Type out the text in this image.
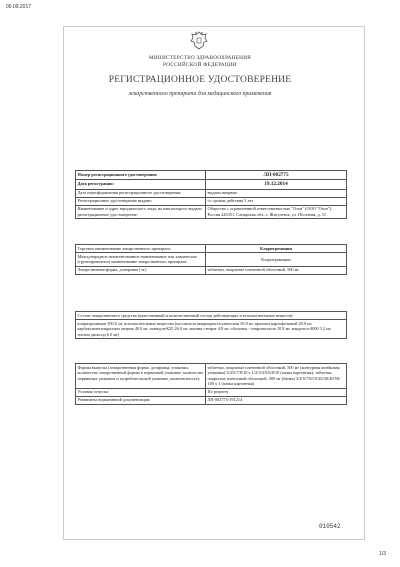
06.09.2017
МИНИСТЕРСТВО ЗДРАВООХРАНЕНИЯ
РОССИЙСКОЙ ФЕДЕРАЦИИ
РЕГИСТРАЦИОННОЕ УДОСТОВЕРЕНИЕ
лекарственного препарата для медицинского применения
Номер регистрационного удостоверения:	ЛП-002775
Дата регистрации:	19.12.2014
Дата переоформления регистрационного удостоверения:	выдано впервые
Регистрационное удостоверение выдано:	со сроком действия 5 лет
Наименование и адрес юридического лица, на имя которого выдано регистрационное удостоверение:	Общество с ограниченной ответственностью "Озон" (ООО "Озон"), Россия 445351, Самарская обл., г. Жигулевск, ул. Песочная, д. 11
Торговое наименование лекарственного препарата:	Кларитромицин
Международное непатентованное наименование или химическое (группировочное) наименование лекарственного препарата:	Кларитромицин
Лекарственная форма, дозировка (-и):	таблетки, покрытые пленочной оболочкой, 500 мг
Состав лекарственного средства (качественный и количественный состав действующих и вспомогательных веществ):
кларитромицин 500.0 мг, вспомогательные вещества (целлюлоза микрокристаллическая 50.0 мг, крахмал картофельный 20.0 мг, карбоксиметилкрахмал натрия 40.0 мг, повидон-К25 26.0 мг, магния стеарат 4.8 мг, оболочка - гипромеллоза 10.8 мг, макрогол-4000 3.2 мг, титана диоксид 6.0 мг)
Формы выпуска (лекарственная форма, дозировка, упаковка, количество лекарственной формы в первичной упаковке, количество первичных упаковок и потребительской упаковке, комплектность):	таблетки, покрытые пленочной оболочкой, 500 мг (контурная ячейковая упаковка) 3/4/5/7/8/10 х 1/2/3/4/5/6/8/10 (пачка картонная); таблетки, покрытые пленочной оболочкой, 500 мг (банка) 3/4/5/7/8/10/20/30/40/50/ 100 х 1 (пачка картонная)
Условия отпуска:	По рецепту
Реквизиты нормативной документации:	ЛП-002775-191214
010542
1/3
